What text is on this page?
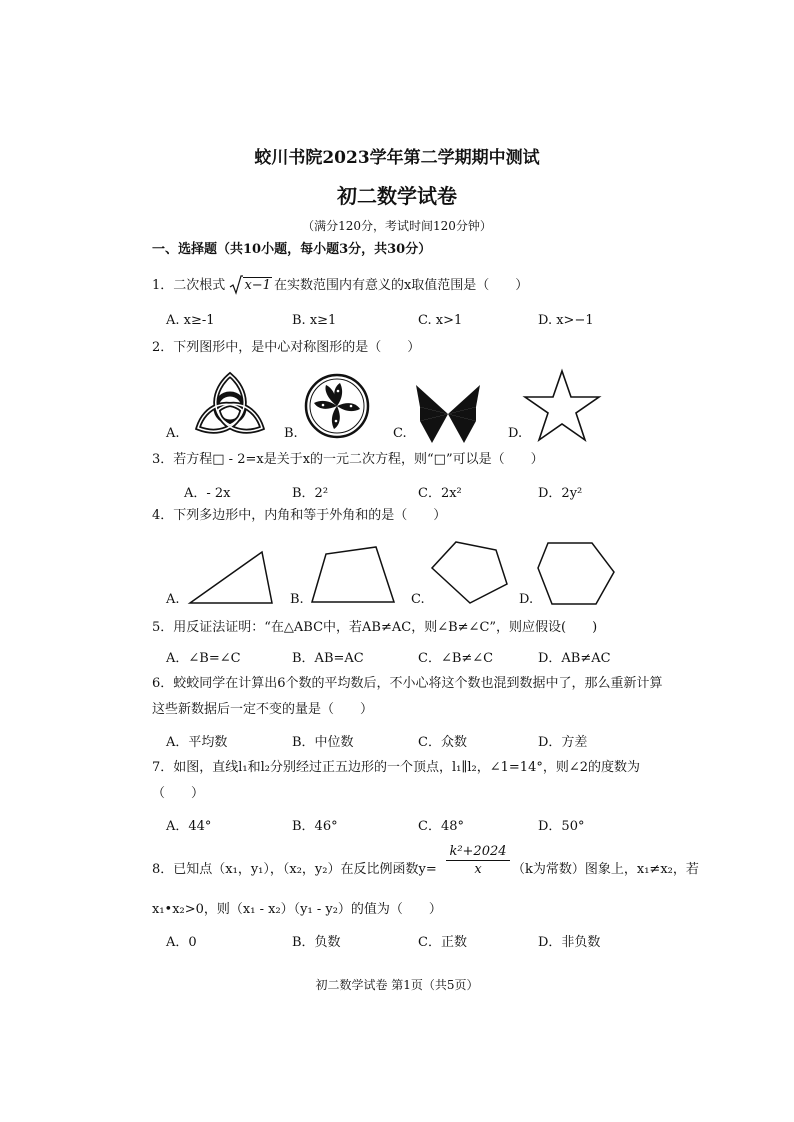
蛟川书院2023学年第二学期期中测试
初二数学试卷
（满分120分，考试时间120分钟）
一、选择题（共10小题，每小题3分，共30分）
1．二次根式 x−1 在实数范围内有意义的x取值范围是（　　）
A. x≥-1	B. x≥1	C. x>1	D. x>−1
2．下列图形中，是中心对称图形的是（　　）
A.	B.	C.	D.
3．若方程□ - 2=x是关于x的一元二次方程，则“□”可以是（　　）
A．- 2x	B．2²	C．2x²	D．2y²
4．下列多边形中，内角和等于外角和的是（　　）
A.	B.	C.	D.
5．用反证法证明：“在△ABC中，若AB≠AC，则∠B≠∠C”，则应假设(　　)
A．∠B=∠C	B．AB=AC	C．∠B≠∠C	D．AB≠AC
6．蛟蛟同学在计算出6个数的平均数后，不小心将这个数也混到数据中了，那么重新计算
这些新数据后一定不变的量是（　　）
A．平均数	B．中位数	C．众数	D．方差
7．如图，直线l₁和l₂分别经过正五边形的一个顶点，l₁∥l₂，∠1=14°，则∠2的度数为
（　　）
A．44°	B．46°	C．48°	D．50°
8．已知点（x₁，y₁），（x₂，y₂）在反比例函数$y= \frac{\text{k²+2024}}{x} (k$为常数）图象上，x₁≠x₂，若
x₁•x₂>0，则（x₁ - x₂）（y₁ - y₂）的值为（　　）
A．0	B．负数	C．正数	D．非负数
初二数学试卷 第1页（共5页）
